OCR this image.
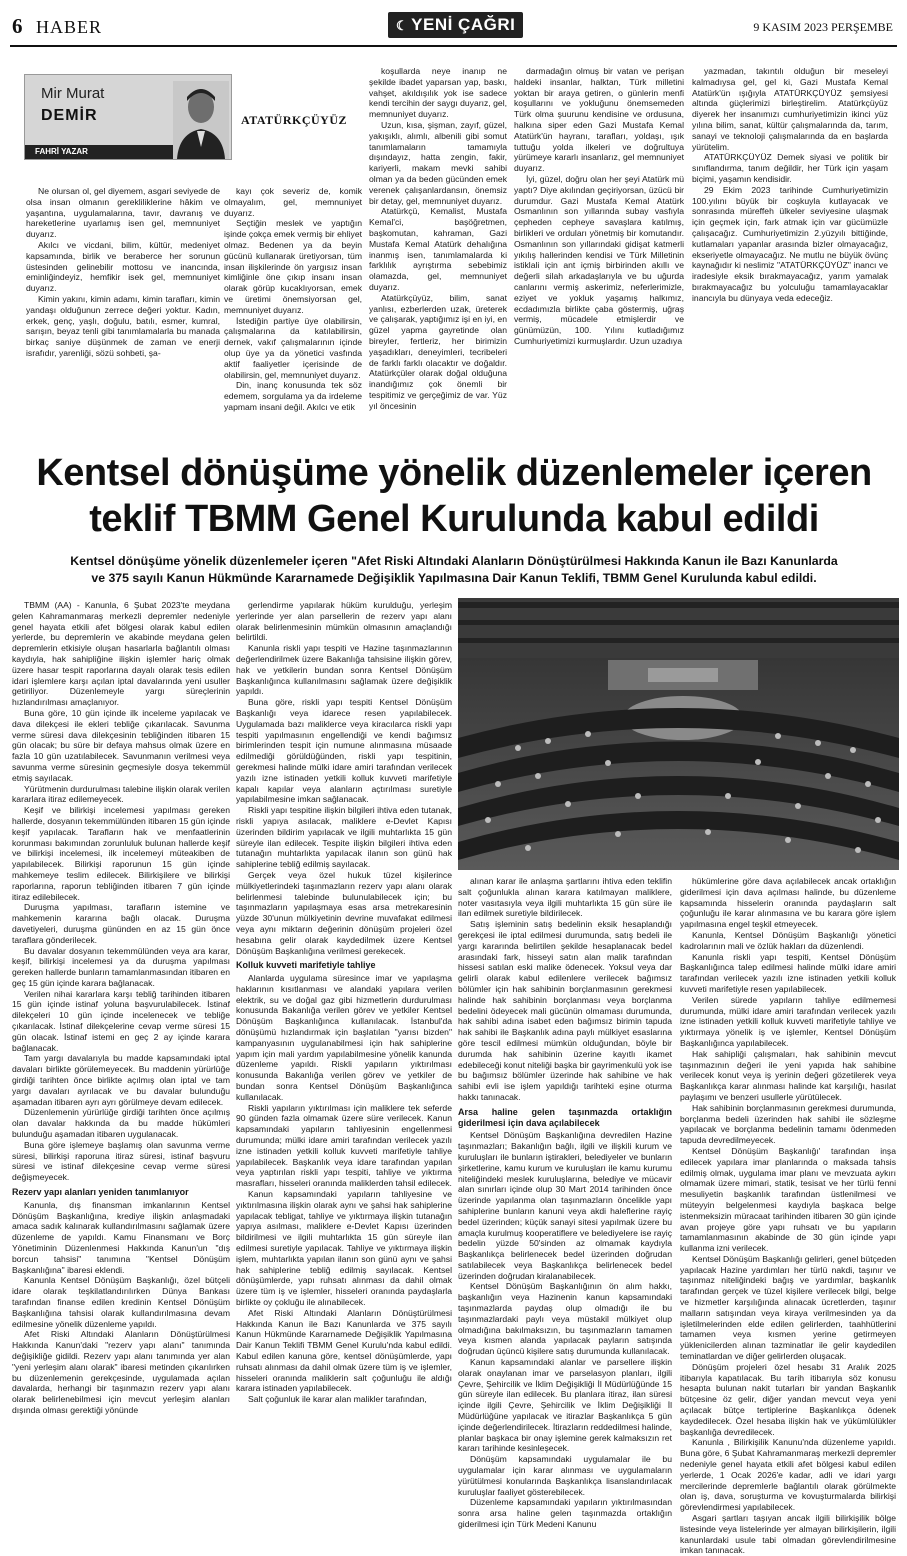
6 HABER	☾ YENİ ÇAĞRI	9 KASIM 2023 PERŞEMBE
Mir Murat
DEMİR
FAHRİ YAZAR
ATATÜRKÇÜYÜZ

Ne olursan ol, gel diyemem, asgari seviyede de olsa insan olmanın gerekliliklerine hâkim ve yaşantına, uygulamalarına, tavır, davranış ve hareketlerine uyarlamış isen gel, memnuniyet duyarız.

Akılcı ve vicdani, bilim, kültür, medeniyet kapsamında, birlik ve beraberce her sorunun üstesinden gelinebilir mottosu ve inancında, eminliğindeyiz, hemfikir isek gel, memnuniyet duyarız.

Kimin yakını, kimin adamı, kimin tarafları, kimin yandaşı olduğunun zerrece değeri yoktur. Kadın, erkek, genç, yaşlı, doğulu, batılı, esmer, kumral, sarışın, beyaz tenli gibi tanımlamalarla bu manada birkaç saniye düşünmek de zaman ve enerji israfıdır, yarenliği, sözü sohbeti, şa-

kayı çok severiz de, komik olmayalım, gel, memnuniyet duyarız.

Seçtiğin meslek ve yaptığın işinde çokça emek vermiş bir ehliyet olmaz. Bedenen ya da beyin gücünü kullanarak üretiyorsan, tüm insan ilişkilerinde ön yargısız insan kimliğinle öne çıkıp insanı insan olarak görüp kucaklıyorsan, emek ve üretimi önemsiyorsan gel, memnuniyet duyarız.

İstediğin partiye üye olabilirsin, çalışmalarına da katılabilirsin, dernek, vakıf çalışmalarının içinde olup üye ya da yönetici vasfında aktif faaliyetler içerisinde de olabilirsin, gel, memnuniyet duyarız.

Din, inanç konusunda tek söz edemem, sorgulama ya da irdeleme yapmam insani değil. Akılcı ve etik

koşullarda neye inanıp ne şekilde ibadet yaparsan yap, baskı, vahşet, akıldışılık yok ise sadece kendi tercihin der saygı duyarız, gel, memnuniyet duyarız.

Uzun, kısa, şişman, zayıf, güzel, yakışıklı, alımlı, albenili gibi somut tanımlamaların tamamıyla dışındayız, hatta zengin, fakir, kariyerli, makam mevki sahibi olman ya da beden gücünden emek verenek çalışanlardansın, önemsiz bir detay, gel, memnuniyet duyarız.

Atatürkçü, Kemalist, Mustafa Kemal'ci, başöğretmen, başkomutan, kahraman, Gazi Mustafa Kemal Atatürk dehalığına inanmış isen, tanımlamalarda ki farklılık ayrıştırma sebebimiz olamazda, gel, memnuniyet duyarız.

Atatürkçüyüz, bilim, sanat yanlısı, ezberlerden uzak, üreterek ve çalışarak, yaptığımız işi en iyi, en güzel yapma gayretinde olan bireyler, fertleriz, her birimizin yaşadıkları, deneyimleri, tecribeleri de farklı farklı olacaktır ve doğaldır. Atatürkçüler olarak doğal olduğuna inandığımız çok önemli bir tespitimiz ve gerçeğimiz de var. Yüz yıl öncesinin

darmadağın olmuş bir vatan ve perişan haldeki insanlar, halktan, Türk milletini yoktan bir araya getiren, o günlerin menfi koşullarını ve yokluğunu önemsemeden Türk olma şuurunu kendisine ve ordusuna, halkına siper eden Gazi Mustafa Kemal Atatürk'ün hayranı, tarafları, yoldaşı, ışık tuttuğu yolda ilkeleri ve doğrultuya yürümeye kararlı insanlarız, gel memnuniyet duyarız.

İyi, güzel, doğru olan her şeyi Atatürk mü yaptı? Diye akılından geçiriyorsan, üzücü bir durumdur. Gazi Mustafa Kemal Atatürk Osmanlının son yıllarında subay vasfıyla çepheden cepheye savaşlara katılmış, birlikleri ve orduları yönetmiş bir komutandır. Osmanlının son yıllarındaki gidişat katmerli yıkılış hallerinden kendisi ve Türk Milletinin istiklali için ant içmiş birbirinden akıllı ve değerli silah arkadaşlarıyla ve bu uğurda canlarını vermiş askerimiz, neferlerimizle, eziyet ve yokluk yaşamış halkımız, ecdadımızla birlikte çaba göstermiş, uğraş vermiş, mücadele etmişlerdir ve günümüzün, 100. Yılını kutladığımız Cumhuriyetimizi kurmuşlardır. Uzun uzadıya

yazmadan, takıntılı olduğun bir meseleyi kalmadıysa gel, gel ki, Gazi Mustafa Kemal Atatürk'ün ışığıyla ATATÜRKÇÜYÜZ şemsiyesi altında güçlerimizi birleştirelim. Atatürkçüyüz diyerek her insanımızı cumhuriyetimizin ikinci yüz yılına bilim, sanat, kültür çalışmalarında da, tarım, sanayi ve teknoloji çalışmalarında da en başlarda yürütelim.

ATATÜRKÇÜYÜZ Demek siyasi ve politik bir sınıflandırma, tanım değildir, her Türk için yaşam biçimi, yaşamın kendisidir.

29 Ekim 2023 tarihinde Cumhuriyetimizin 100.yılını büyük bir coşkuyla kutlayacak ve sonrasında müreffeh ülkeler seviyesine ulaşmak için geçmek için, fark atmak için var gücümüzle çalışacağız. Cumhuriyetimizin 2.yüzyılı bittiğinde, kutlamaları yapanlar arasında bizler olmayacağız, ekseriyetle olmayacağız. Ne mutlu ne büyük övünç kaynağıdır ki neslimiz "ATATÜRKÇÜYÜZ" inancı ve iradesiyle eksik bırakmayacağız, yarım yamalak bırakmayacağız bu yolculuğu tamamlayacaklar inancıyla bu dünyaya veda edeceğiz.

Kentsel dönüşüme yönelik düzenlemeler içeren
teklif TBMM Genel Kurulunda kabul edildi
Kentsel dönüşüme yönelik düzenlemeler içeren "Afet Riski Altındaki Alanların Dönüştürülmesi Hakkında Kanun ile Bazı Kanunlarda
ve 375 sayılı Kanun Hükmünde Kararnamede Değişiklik Yapılmasına Dair Kanun Teklifi, TBMM Genel Kurulunda kabul edildi.

TBMM (AA) - Kanunla, 6 Şubat 2023'te meydana gelen Kahramanmaraş merkezli depremler nedeniyle genel hayata etkili afet bölgesi olarak kabul edilen yerlerde, bu depremlerin ve akabinde meydana gelen depremlerin etkisiyle oluşan hasarlarla bağlantılı olması kaydıyla, hak sahipliğine ilişkin işlemler hariç olmak üzere hasar tespit raporlarına dayalı olarak tesis edilen idari işlemlere karşı açılan iptal davalarında yeni usuller getiriliyor. Düzenlemeyle yargı süreçlerinin hızlandırılması amaçlanıyor.

Buna göre, 10 gün içinde ilk inceleme yapılacak ve dava dilekçesi ile ekleri tebliğe çıkarılacak. Savunma verme süresi dava dilekçesinin tebliğinden itibaren 15 gün olacak; bu süre bir defaya mahsus olmak üzere en fazla 10 gün uzatılabilecek. Savunmanın verilmesi veya savunma verme süresinin geçmesiyle dosya tekemmül etmiş sayılacak.

Yürütmenin durdurulması talebine ilişkin olarak verilen kararlara itiraz edilemeyecek.

Keşif ve bilirkişi incelemesi yapılması gereken hallerde, dosyanın tekemmülünden itibaren 15 gün içinde keşif yapılacak. Tarafların hak ve menfaatlerinin korunması bakımından zorunluluk bulunan hallerde keşif ve bilirkişi incelemesi, ilk incelemeyi müteakiben de yapılabilecek. Bilirkişi raporunun 15 gün içinde mahkemeye teslim edilecek. Bilirkişilere ve bilirkişi raporlarına, raporun tebliğinden itibaren 7 gün içinde itiraz edilebilecek.

Duruşma yapılması, tarafların istemine ve mahkemenin kararına bağlı olacak. Duruşma davetiyeleri, duruşma gününden en az 15 gün önce taraflara gönderilecek.

Bu davalar dosyanın tekemmülünden veya ara karar, keşif, bilirkişi incelemesi ya da duruşma yapılması gereken hallerde bunların tamamlanmasından itibaren en geç 15 gün içinde karara bağlanacak.

Verilen nihai kararlara karşı tebliğ tarihinden itibaren 15 gün içinde istinaf yoluna başvurulabilecek. İstinaf dilekçeleri 10 gün içinde incelenecek ve tebliğe çıkarılacak. İstinaf dilekçelerine cevap verme süresi 15 gün olacak. İstinaf istemi en geç 2 ay içinde karara bağlanacak.

Tam yargı davalarıyla bu madde kapsamındaki iptal davaları birlikte görülemeyecek. Bu maddenin yürürlüğe girdiği tarihten önce birlikte açılmış olan iptal ve tam yargı davaları ayrılacak ve bu davalar bulunduğu aşamadan itibaren ayrı ayrı görülmeye devam edilecek.

Düzenlemenin yürürlüğe girdiği tarihten önce açılmış olan davalar hakkında da bu madde hükümleri bulunduğu aşamadan itibaren uygulanacak.

Buna göre işlemeye başlamış olan savunma verme süresi, bilirkişi raporuna itiraz süresi, istinaf başvuru süresi ve istinaf dilekçesine cevap verme süresi değişmeyecek.

Rezerv yapı alanları yeniden tanımlanıyor

Kanunla, dış finansman imkanlarının Kentsel Dönüşüm Başkanlığına, krediye ilişkin anlaşmadaki amaca sadık kalınarak kullandırılmasını sağlamak üzere düzenleme de yapıldı. Kamu Finansmanı ve Borç Yönetiminin Düzenlenmesi Hakkında Kanun'un "dış borcun tahsisi" tanımına "Kentsel Dönüşüm Başkanlığına" ibaresi eklendi.

Kanunla Kentsel Dönüşüm Başkanlığı, özel bütçeli idare olarak teşkilatlandırılırken Dünya Bankası tarafından finanse edilen kredinin Kentsel Dönüşüm Başkanlığına tahsisi olarak kullandırılmasına devam edilmesine yönelik düzenleme yapıldı.

Afet Riski Altındaki Alanların Dönüştürülmesi Hakkında Kanun'daki "rezerv yapı alanı" tanımında değişikliğe gidildi. Rezerv yapı alanı tanımında yer alan "yeni yerleşim alanı olarak" ibaresi metinden çıkarılırken bu düzenlemenin gerekçesinde, uygulamada açılan davalarda, herhangi bir taşınmazın rezerv yapı alanı olarak belirlenebilmesi için mevcut yerleşim alanları dışında olması gerektiği yönünde

gerlendirme yapılarak hüküm kurulduğu, yerleşim yerlerinde yer alan parsellerin de rezerv yapı alanı olarak belirlenmesinin mümkün olmasının amaçlandığı belirtildi.

Kanunla riskli yapı tespiti ve Hazine taşınmazlarının değerlendirilmek üzere Bakanlığa tahsisine ilişkin görev, hak ve yetkilerin bundan sonra Kentsel Dönüşüm Başkanlığınca kullanılmasını sağlamak üzere değişiklik yapıldı.

Buna göre, riskli yapı tespiti Kentsel Dönüşüm Başkanlığı veya idarece resen yapılabilecek. Uygulamada bazı maliklerce veya kiracılarca riskli yapı tespiti yapılmasının engellendiği ve kendi bağımsız birimlerinden tespit için numune alınmasına müsaade edilmediği görüldüğünden, riskli yapı tespitinin, gerekmesi halinde mülki idare amiri tarafından verilecek yazılı izne istinaden yetkili kolluk kuvveti marifetiyle kapalı kapılar veya alanların açtırılması suretiyle yapılabilmesine imkan sağlanacak.

Riskli yapı tespitine ilişkin bilgileri ihtiva eden tutanak, riskli yapıya asılacak, maliklere e-Devlet Kapısı üzerinden bildirim yapılacak ve ilgili muhtarlıkta 15 gün süreyle ilan edilecek. Tespite ilişkin bilgileri ihtiva eden tutanağın muhtarlıkta yapılacak ilanın son günü hak sahiplerine tebliğ edilmiş sayılacak.

Gerçek veya özel hukuk tüzel kişilerince mülkiyetlerindeki taşınmazların rezerv yapı alanı olarak belirlenmesi talebinde bulunulabilecek için; bu taşınmazların yapılaşmaya esas arsa metrekaresinin yüzde 30'unun mülkiyetinin devrine muvafakat edilmesi veya aynı miktarın değerinin dönüşüm projeleri özel hesabına gelir olarak kaydedilmek üzere Kentsel Dönüşüm Başkanlığına verilmesi gerekecek.

Kolluk kuvveti marifetiyle tahliye

Alanlarda uygulama süresince imar ve yapılaşma haklarının kısıtlanması ve alandaki yapılara verilen elektrik, su ve doğal gaz gibi hizmetlerin durdurulması konusunda Bakanlığa verilen görev ve yetkiler Kentsel Dönüşüm Başkanlığınca kullanılacak. İstanbul'da dönüşümü hızlandırmak için başlatılan "yarısı bizden" kampanyasının uygulanabilmesi için hak sahiplerine yapım için mali yardım yapılabilmesine yönelik kanunda düzenleme yapıldı. Riskli yapıların yıktırılması konusunda Bakanlığa verilen görev ve yetkiler de bundan sonra Kentsel Dönüşüm Başkanlığınca kullanılacak.

Riskli yapıların yıktırılması için maliklere tek seferde 90 günden fazla olmamak üzere süre verilecek. Kanun kapsamındaki yapıların tahliyesinin engellenmesi durumunda; mülki idare amiri tarafından verilecek yazılı izne istinaden yetkili kolluk kuvveti marifetiyle tahliye yapılabilecek. Başkanlık veya idare tarafından yapılan veya yaptırılan riskli yapı tespiti, tahliye ve yıktırma masrafları, hisseleri oranında maliklerden tahsil edilecek.

Kanun kapsamındaki yapıların tahliyesine ve yıktırılmasına ilişkin olarak aynı ve şahsi hak sahiplerine yapılacak tebligat, tahliye ve yıktırmaya ilişkin tutanağın yapıya asılması, maliklere e-Devlet Kapısı üzerinden bildirilmesi ve ilgili muhtarlıkta 15 gün süreyle ilan edilmesi suretiyle yapılacak. Tahliye ve yıktırmaya ilişkin işlem, muhtarlıkta yapılan ilanın son günü aynı ve şahsi hak sahiplerine tebliğ edilmiş sayılacak. Kentsel dönüşümlerde, yapı ruhsatı alınması da dahil olmak üzere tüm iş ve işlemler, hisseleri oranında paydaşlarla birlikte oy çokluğu ile alınabilecek.

Afet Riski Altındaki Alanların Dönüştürülmesi Hakkında Kanun ile Bazı Kanunlarda ve 375 sayılı Kanun Hükmünde Kararnamede Değişiklik Yapılmasına Dair Kanun Teklifi TBMM Genel Kurulu'nda kabul edildi. Kabul edilen kanuna göre, kentsel dönüşümlerde, yapı ruhsatı alınması da dahil olmak üzere tüm iş ve işlemler, hisseleri oranında maliklerin salt çoğunluğu ile aldığı karara istinaden yapılabilecek.

Salt çoğunluk ile karar alan malikler tarafından,

alınan karar ile anlaşma şartlarını ihtiva eden teklifin salt çoğunlukla alınan karara katılmayan maliklere, noter vasıtasıyla veya ilgili muhtarlıkta 15 gün süre ile ilan edilmek suretiyle bildirilecek.

Satış işleminin satış bedelinin eksik hesaplandığı gerekçesi ile iptal edilmesi durumunda, satış bedeli ile yargı kararında belirtilen şekilde hesaplanacak bedel arasındaki fark, hisseyi satın alan malik tarafından hissesi satılan eski malike ödenecek. Yoksul veya dar gelirli olarak kabul edilenlere verilecek bağımsız bölümler için hak sahibinin borçlanmasının gerekmesi halinde hak sahibinin borçlanması veya borçlanma bedelini ödeyecek mali gücünün olmaması durumunda, hak sahibi adına isabet eden bağımsız birimin tapuda hak sahibi ile Başkanlık adına paylı mülkiyet esaslarına göre tescil edilmesi mümkün olduğundan, böyle bir durumda hak sahibinin üzerine kayıtlı ikamet edebileceği konut niteliği başka bir gayrimenkulü yok ise bu bağımsız bölümler üzerinde hak sahibine ve hak sahibi evli ise işlem yapıldığı tarihteki eşine oturma hakkı tanınacak.

Arsa haline gelen taşınmazda ortaklığın giderilmesi için dava açılabilecek

Kentsel Dönüşüm Başkanlığına devredilen Hazine taşınmazları; Bakanlığın bağlı, ilgili ve ilişkili kurum ve kuruluşları ile bunların iştirakleri, belediyeler ve bunların şirketlerine, kamu kurum ve kuruluşları ile kamu kurumu niteliğindeki meslek kuruluşlarına, belediye ve mücavir alan sınırları içinde olup 30 Mart 2014 tarihinden önce üzerinde yapılanma olan taşınmazların öncelikle yapı sahiplerine bunların kanuni veya akdi haleflerine rayiç bedel üzerinden; küçük sanayi sitesi yapılmak üzere bu amaçla kurulmuş kooperatiflere ve belediyelere ise rayiç bedelin yüzde 50'sinden az olmamak kaydıyla Başkanlıkça belirlenecek bedel üzerinden doğrudan satılabilecek veya Başkanlıkça belirlenecek bedel üzerinden doğrudan kiralanabilecek.

Kentsel Dönüşüm Başkanlığının ön alım hakkı, başkanlığın veya Hazinenin kanun kapsamındaki taşınmazlarda paydaş olup olmadığı ile bu taşınmazlardaki paylı veya müstakil mülkiyet olup olmadığına bakılmaksızın, bu taşınmazların tamamen veya kısmen alanda yapılacak payların satışında doğrudan üçüncü kişilere satış durumunda kullanılacak.

Kanun kapsamındaki alanlar ve parsellere ilişkin olarak onaylanan imar ve parselasyon planları, ilgili Çevre, Şehircilik ve İklim Değişikliği İl Müdürlüğünde 15 gün süreyle ilan edilecek. Bu planlara itiraz, ilan süresi içinde ilgili Çevre, Şehircilik ve İklim Değişikliği İl Müdürlüğüne yapılacak ve itirazlar Başkanlıkça 5 gün içinde değerlendirilecek. İtirazların reddedilmesi halinde, planlar başkaca bir onay işlemine gerek kalmaksızın ret kararı tarihinde kesinleşecek.

Dönüşüm kapsamındaki uygulamalar ile bu uygulamalar için karar alınması ve uygulamaların yürütülmesi konularında Başkanlıkça lisanslandırılacak kuruluşlar faaliyet gösterebilecek.

Düzenleme kapsamındaki yapıların yıktırılmasından sonra arsa haline gelen taşınmazda ortaklığın giderilmesi için Türk Medeni Kanunu

hükümlerine göre dava açılabilecek ancak ortaklığın giderilmesi için dava açılması halinde, bu düzenleme kapsamında hisselerin oranında paydaşların salt çoğunluğu ile karar alınmasına ve bu karara göre işlem yapılmasına engel teşkil etmeyecek.

Kanunla, Kentsel Dönüşüm Başkanlığı yönetici kadrolarının mali ve özlük hakları da düzenlendi.

Kanunla riskli yapı tespiti, Kentsel Dönüşüm Başkanlığınca talep edilmesi halinde mülki idare amiri tarafından verilecek yazılı izne istinaden yetkili kolluk kuvveti marifetiyle resen yapılabilecek.

Verilen sürede yapıların tahliye edilmemesi durumunda, mülki idare amiri tarafından verilecek yazılı izne istinaden yetkili kolluk kuvveti marifetiyle tahliye ve yıktırmaya yönelik iş ve işlemler, Kentsel Dönüşüm Başkanlığınca yapılabilecek.

Hak sahipliği çalışmaları, hak sahibinin mevcut taşınmazının değeri ile yeni yapıda hak sahibine verilecek konut veya iş yerinin değeri gözetilerek veya Başkanlıkça karar alınması halinde kat karşılığı, hasılat paylaşımı ve benzeri usullerle yürütülecek.

Hak sahibinin borçlanmasının gerekmesi durumunda, borçlanma bedeli üzerinden hak sahibi ile sözleşme yapılacak ve borçlanma bedelinin tamamı ödenmeden tapuda devredilmeyecek.

Kentsel Dönüşüm Başkanlığı' tarafından inşa edilecek yapılara imar planlarında o maksada tahsis edilmiş olmak, uygulama imar planı ve mevzuata aykırı olmamak üzere mimari, statik, tesisat ve her türlü fenni mesuliyetin başkanlık tarafından üstlenilmesi ve müteyyin belgelenmesi kaydıyla başkaca belge istenmeksizin müracaat tarihinden itibaren 30 gün içinde avan projeye göre yapı ruhsatı ve bu yapıların tamamlanmasının akabinde de 30 gün içinde yapı kullanma izni verilecek.

Kentsel Dönüşüm Başkanlığı gelirleri, genel bütçeden yapılacak Hazine yardımları her türlü nakdi, taşınır ve taşınmaz niteliğindeki bağış ve yardımlar, başkanlık tarafından gerçek ve tüzel kişilere verilecek bilgi, belge ve hizmetler karşılığında alınacak ücretlerden, taşınır malların satışından veya kiraya verilmesinden ya da işletilmelerinden elde edilen gelirlerden, taahhütlerini tamamen veya kısmen yerine getirmeyen yüklenicilerden alınan tazminatlar ile gelir kaydedilen teminatlardan ve diğer gelirlerden oluşacak.

Dönüşüm projeleri özel hesabı 31 Aralık 2025 itibarıyla kapatılacak. Bu tarih itibarıyla söz konusu hesapta bulunan nakit tutarları bir yandan Başkanlık bütçesine öz gelir, diğer yandan mevcut veya yeni açılacak bütçe tertiplerine Başkanlıkça ödenek kaydedilecek. Özel hesaba ilişkin hak ve yükümlülükler başkanlığa devredilecek.

Kanunla , Bilirkişilik Kanunu'nda düzenleme yapıldı. Buna göre, 6 Şubat Kahramanmaraş merkezli depremler nedeniyle genel hayata etkili afet bölgesi kabul edilen yerlerde, 1 Ocak 2026'e kadar, adli ve idari yargı mercilerinde depremlerle bağlantılı olarak görülmekte olan iş, dava, soruşturma ve kovuşturmalarda bilirkişi görevlendirmesi yapılabilecek.

Asgari şartları taşıyan ancak ilgili bilirkişilik bölge listesinde veya listelerinde yer almayan bilirkişilerin, ilgili kanunlardaki usule tabi olmadan görevlendirilmesine imkan tanınacak.
